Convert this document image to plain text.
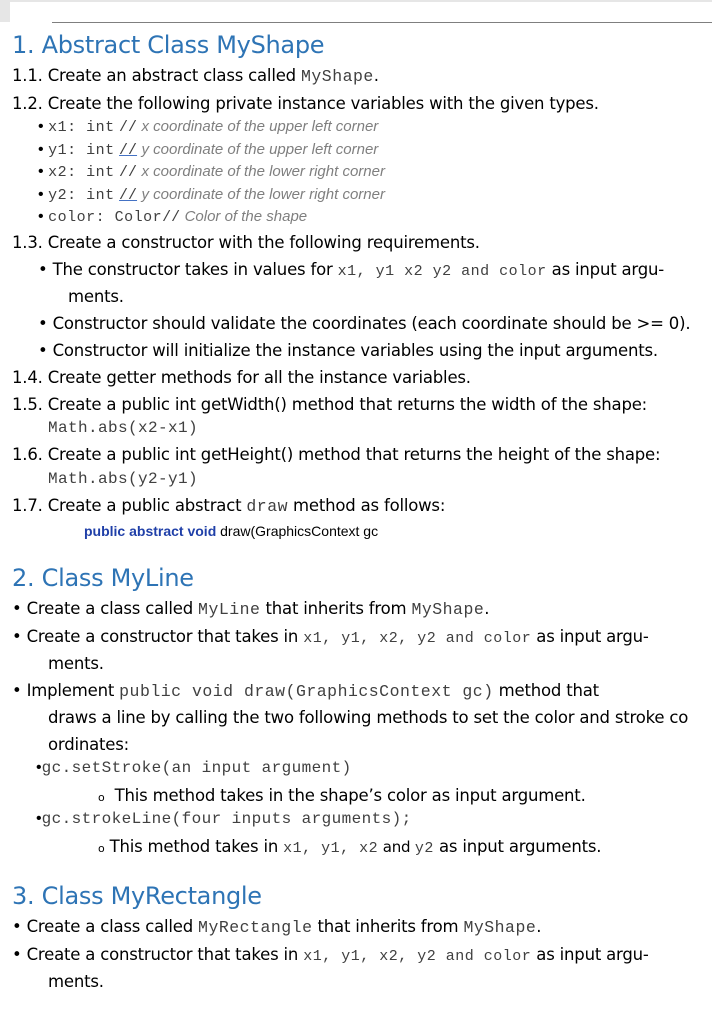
1. Abstract Class MyShape
1.1. Create an abstract class called MyShape.
1.2. Create the following private instance variables with the given types.
• x1: int // x coordinate of the upper left corner
• y1: int // y coordinate of the upper left corner
• x2: int // x coordinate of the lower right corner
• y2: int // y coordinate of the lower right corner
• color: Color// Color of the shape
1.3. Create a constructor with the following requirements.
• The constructor takes in values for x1, y1 x2 y2 and color as input argu-
ments.
• Constructor should validate the coordinates (each coordinate should be >= 0).
• Constructor will initialize the instance variables using the input arguments.
1.4. Create getter methods for all the instance variables.
1.5. Create a public int getWidth() method that returns the width of the shape:
Math.abs(x2-x1)
1.6. Create a public int getHeight() method that returns the height of the shape:
Math.abs(y2-y1)
1.7. Create a public abstract draw method as follows:
public abstract void draw(GraphicsContext gc
2. Class MyLine
• Create a class called MyLine that inherits from MyShape.
• Create a constructor that takes in x1, y1, x2, y2 and color as input argu-
ments.
• Implement public void draw(GraphicsContext gc) method that
draws a line by calling the two following methods to set the color and stroke co
ordinates:
•gc.setStroke(an input argument)
o This method takes in the shape’s color as input argument.
•gc.strokeLine(four inputs arguments);
o This method takes in x1, y1, x2 and y2 as input arguments.
3. Class MyRectangle
• Create a class called MyRectangle that inherits from MyShape.
• Create a constructor that takes in x1, y1, x2, y2 and color as input argu-
ments.
